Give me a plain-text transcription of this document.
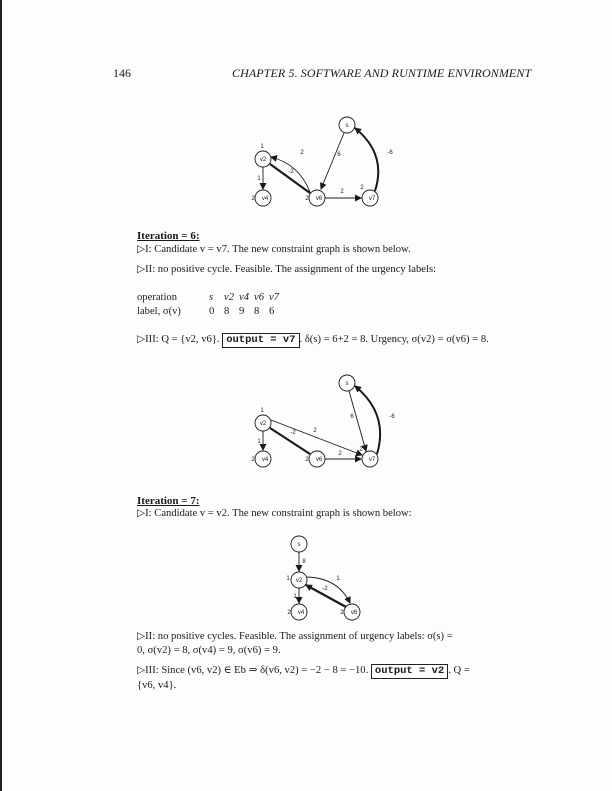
146	CHAPTER 5. SOFTWARE AND RUNTIME ENVIRONMENT
s
v2
v4	v6	v7
1
1
2
-2
6	-6
2
2
2	2
Iteration = 6:
▷I: Candidate v = v7. The new constraint graph is shown below.
▷II: no positive cycle. Feasible. The assignment of the urgency labels:
operation	s	v2 v4 v6 v7
label, σ(v)	0 8 9 8 6
▷III: Q = {v2, v6}. output = v7 . δ(s) = 6+2 = 8. Urgency, σ(v2) = σ(v6) = 8.
s
v2
v4	v6	v7
1
1
-2	2
6	-6
2
2
2	2
Iteration = 7:
▷I: Candidate v = v2. The new constraint graph is shown below:
s
v2
v4	v6
8
1
1
1
-2
2	2
▷II: no positive cycles. Feasible. The assignment of urgency labels: σ(s) =
0, σ(v2) = 8, σ(v4) = 9, σ(v6) = 9.
▷III: Since (v6, v2) ∈ Eb ⇒ δ(v6, v2) = −2 − 8 = −10. output = v2 . Q =
{v6, v4}.
